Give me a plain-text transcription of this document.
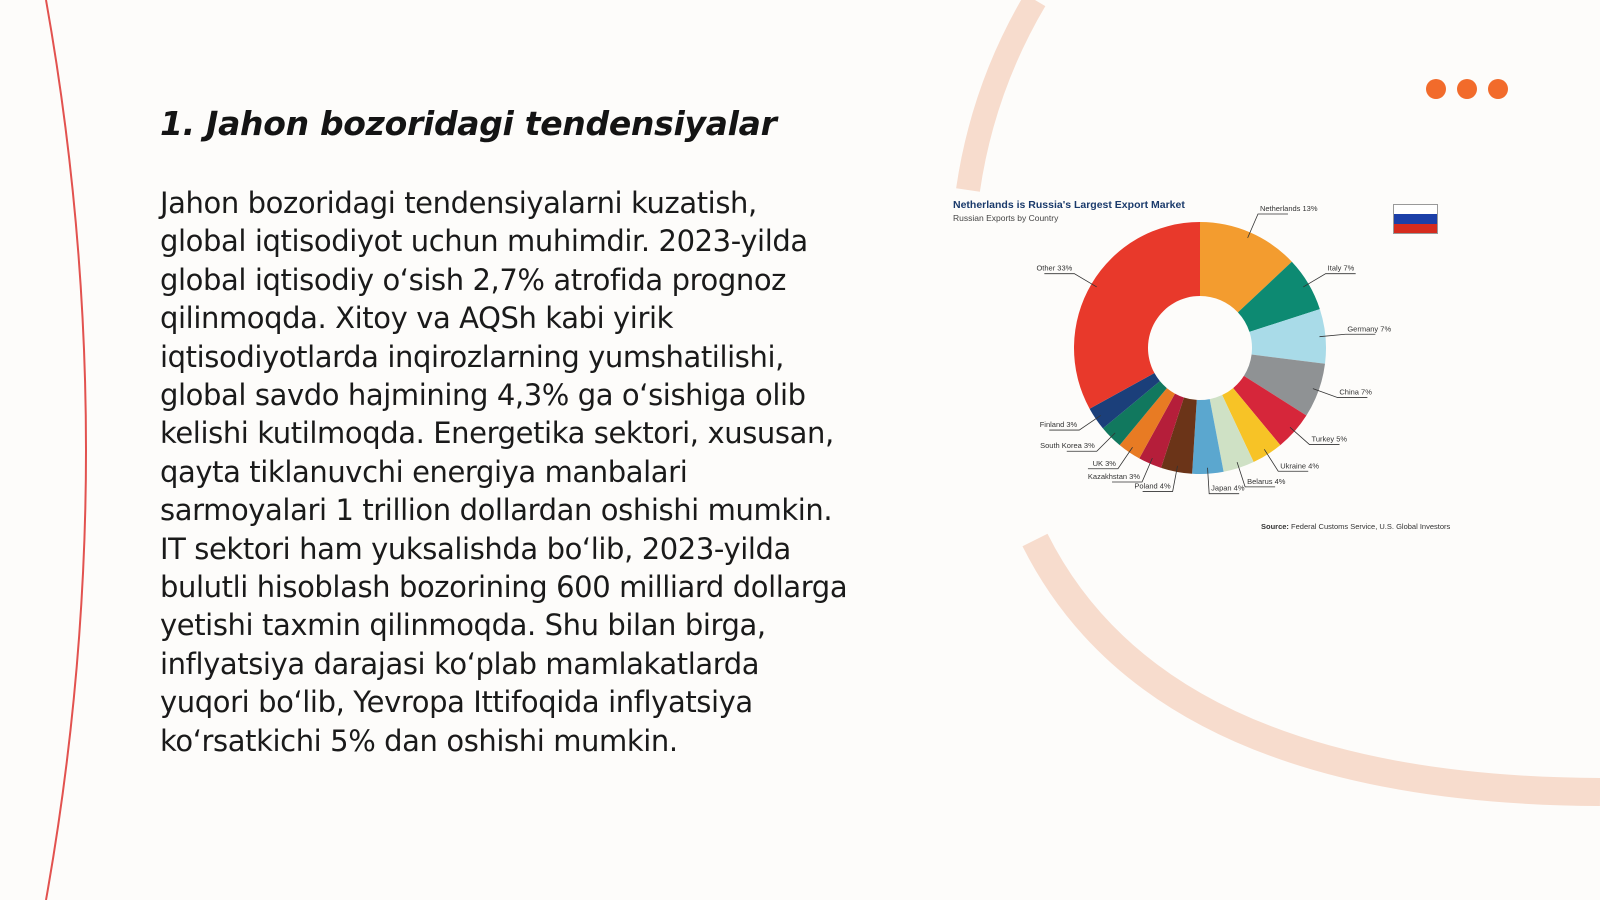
1. Jahon bozoridagi tendensiyalar

Jahon bozoridagi tendensiyalarni kuzatish, global iqtisodiyot uchun muhimdir. 2023-yilda global iqtisodiy o‘sish 2,7% atrofida prognoz qilinmoqda. Xitoy va AQSh kabi yirik iqtisodiyotlarda inqirozlarning yumshatilishi, global savdo hajmining 4,3% ga o‘sishiga olib kelishi kutilmoqda. Energetika sektori, xususan, qayta tiklanuvchi energiya manbalari sarmoyalari 1 trillion dollardan oshishi mumkin. IT sektori ham yuksalishda bo‘lib, 2023-yilda bulutli hisoblash bozorining 600 milliard dollarga yetishi taxmin qilinmoqda. Shu bilan birga, inflyatsiya darajasi ko‘plab mamlakatlarda yuqori bo‘lib, Yevropa Ittifoqida inflyatsiya ko‘rsatkichi 5% dan oshishi mumkin.

Netherlands is Russia's Largest Export Market
Russian Exports by Country
Netherlands 13%
Italy 7%
Germany 7%
China 7%
Turkey 5%
Ukraine 4%
Belarus 4%
Japan 4%
Poland 4%
Kazakhstan 3%
UK 3%
South Korea 3%
Finland 3%
Other 33%
Source: Federal Customs Service, U.S. Global Investors
